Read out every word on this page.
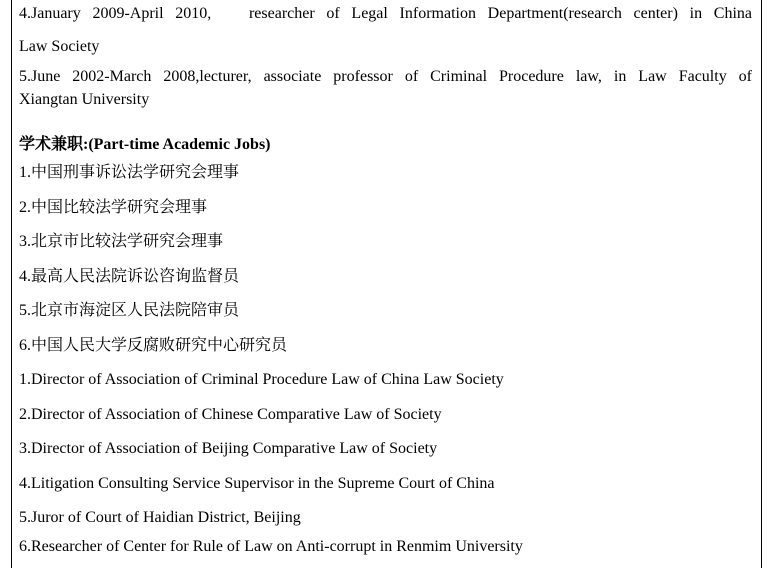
4.January 2009-April 2010, researcher of Legal Information Department(research center) in China
Law Society
5.June 2002-March 2008,lecturer, associate professor of Criminal Procedure law, in Law Faculty of
Xiangtan University
学术兼职:(Part-time Academic Jobs)
1.中国刑事诉讼法学研究会理事
2.中国比较法学研究会理事
3.北京市比较法学研究会理事
4.最高人民法院诉讼咨询监督员
5.北京市海淀区人民法院陪审员
6.中国人民大学反腐败研究中心研究员
1.Director of Association of Criminal Procedure Law of China Law Society
2.Director of Association of Chinese Comparative Law of Society
3.Director of Association of Beijing Comparative Law of Society
4.Litigation Consulting Service Supervisor in the Supreme Court of China
5.Juror of Court of Haidian District, Beijing
6.Researcher of Center for Rule of Law on Anti-corrupt in Renmim University
